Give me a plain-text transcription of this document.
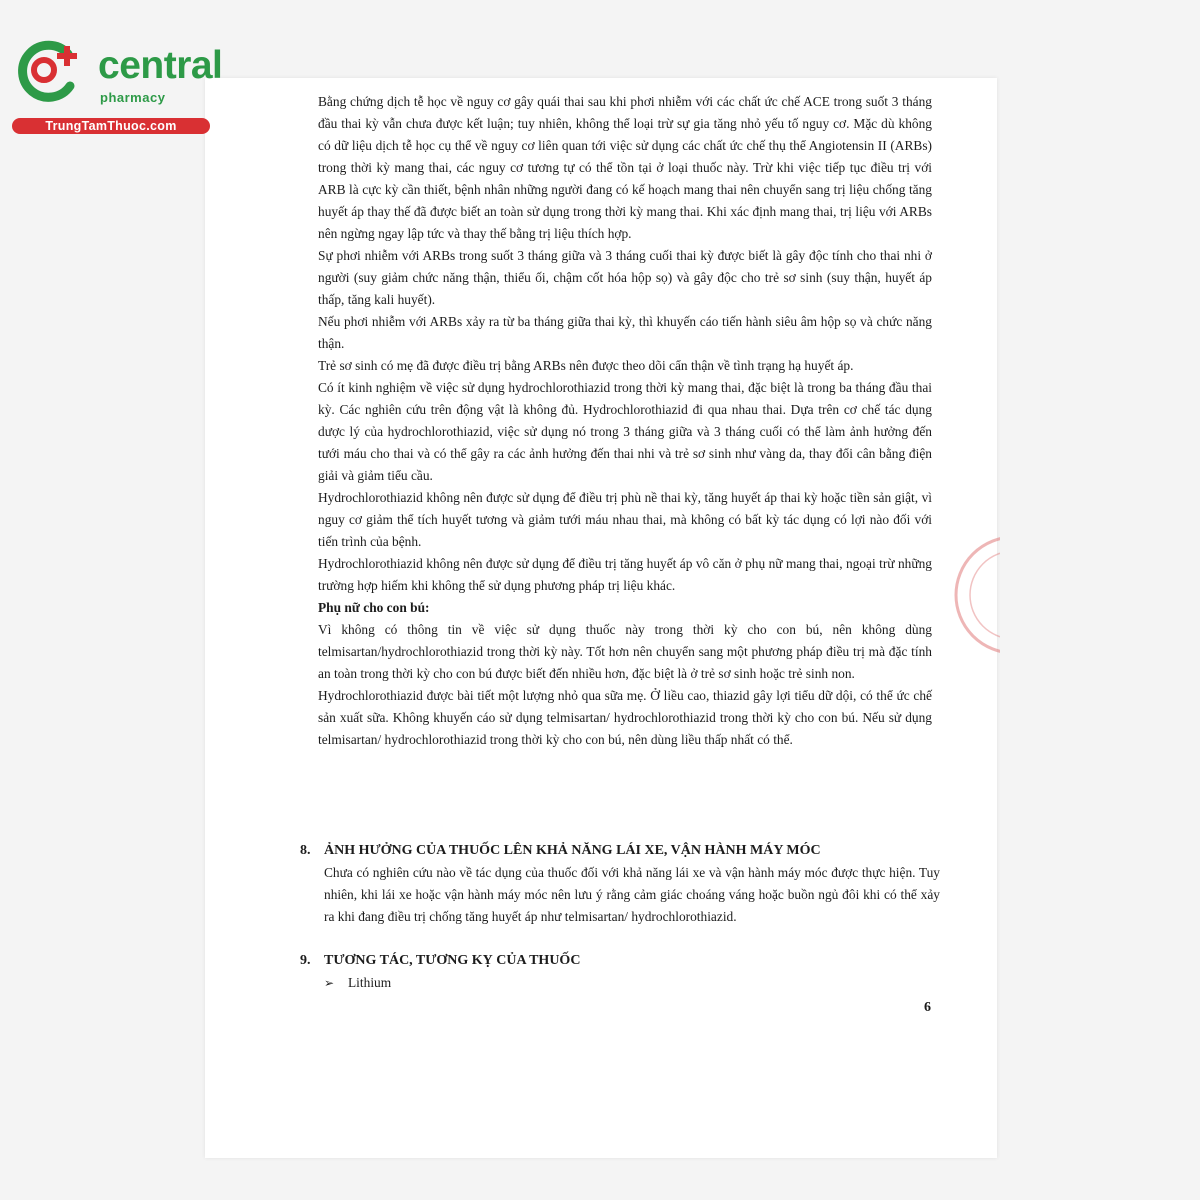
central
pharmacy
TrungTamThuoc.com

Bằng chứng dịch tễ học về nguy cơ gây quái thai sau khi phơi nhiễm với các chất ức chế ACE trong suốt 3 tháng đầu thai kỳ vẫn chưa được kết luận; tuy nhiên, không thể loại trừ sự gia tăng nhỏ yếu tố nguy cơ. Mặc dù không có dữ liệu dịch tễ học cụ thể về nguy cơ liên quan tới việc sử dụng các chất ức chế thụ thể Angiotensin II (ARBs) trong thời kỳ mang thai, các nguy cơ tương tự có thể tồn tại ở loại thuốc này. Trừ khi việc tiếp tục điều trị với ARB là cực kỳ cần thiết, bệnh nhân những người đang có kế hoạch mang thai nên chuyển sang trị liệu chống tăng huyết áp thay thế đã được biết an toàn sử dụng trong thời kỳ mang thai. Khi xác định mang thai, trị liệu với ARBs nên ngừng ngay lập tức và thay thế bằng trị liệu thích hợp.

Sự phơi nhiễm với ARBs trong suốt 3 tháng giữa và 3 tháng cuối thai kỳ được biết là gây độc tính cho thai nhi ở người (suy giảm chức năng thận, thiểu ối, chậm cốt hóa hộp sọ) và gây độc cho trẻ sơ sinh (suy thận, huyết áp thấp, tăng kali huyết).

Nếu phơi nhiễm với ARBs xảy ra từ ba tháng giữa thai kỳ, thì khuyến cáo tiến hành siêu âm hộp sọ và chức năng thận.

Trẻ sơ sinh có mẹ đã được điều trị bằng ARBs nên được theo dõi cẩn thận về tình trạng hạ huyết áp.

Có ít kinh nghiệm về việc sử dụng hydrochlorothiazid trong thời kỳ mang thai, đặc biệt là trong ba tháng đầu thai kỳ. Các nghiên cứu trên động vật là không đủ. Hydrochlorothiazid đi qua nhau thai. Dựa trên cơ chế tác dụng dược lý của hydrochlorothiazid, việc sử dụng nó trong 3 tháng giữa và 3 tháng cuối có thể làm ảnh hưởng đến tưới máu cho thai và có thể gây ra các ảnh hưởng đến thai nhi và trẻ sơ sinh như vàng da, thay đổi cân bằng điện giải và giảm tiểu cầu.

Hydrochlorothiazid không nên được sử dụng để điều trị phù nề thai kỳ, tăng huyết áp thai kỳ hoặc tiền sản giật, vì nguy cơ giảm thể tích huyết tương và giảm tưới máu nhau thai, mà không có bất kỳ tác dụng có lợi nào đối với tiến trình của bệnh.

Hydrochlorothiazid không nên được sử dụng để điều trị tăng huyết áp vô căn ở phụ nữ mang thai, ngoại trừ những trường hợp hiếm khi không thể sử dụng phương pháp trị liệu khác.

Phụ nữ cho con bú:

Vì không có thông tin về việc sử dụng thuốc này trong thời kỳ cho con bú, nên không dùng telmisartan/hydrochlorothiazid trong thời kỳ này. Tốt hơn nên chuyển sang một phương pháp điều trị mà đặc tính an toàn trong thời kỳ cho con bú được biết đến nhiều hơn, đặc biệt là ở trẻ sơ sinh hoặc trẻ sinh non.

Hydrochlorothiazid được bài tiết một lượng nhỏ qua sữa mẹ. Ở liều cao, thiazid gây lợi tiểu dữ dội, có thể ức chế sản xuất sữa. Không khuyến cáo sử dụng telmisartan/ hydrochlorothiazid trong thời kỳ cho con bú. Nếu sử dụng telmisartan/ hydrochlorothiazid trong thời kỳ cho con bú, nên dùng liều thấp nhất có thể.

8. ẢNH HƯỞNG CỦA THUỐC LÊN KHẢ NĂNG LÁI XE, VẬN HÀNH MÁY MÓC
Chưa có nghiên cứu nào về tác dụng của thuốc đối với khả năng lái xe và vận hành máy móc được thực hiện. Tuy nhiên, khi lái xe hoặc vận hành máy móc nên lưu ý rằng cảm giác choáng váng hoặc buồn ngủ đôi khi có thể xảy ra khi đang điều trị chống tăng huyết áp như telmisartan/ hydrochlorothiazid.
9. TƯƠNG TÁC, TƯƠNG KỴ CỦA THUỐC
➢ Lithium
6
